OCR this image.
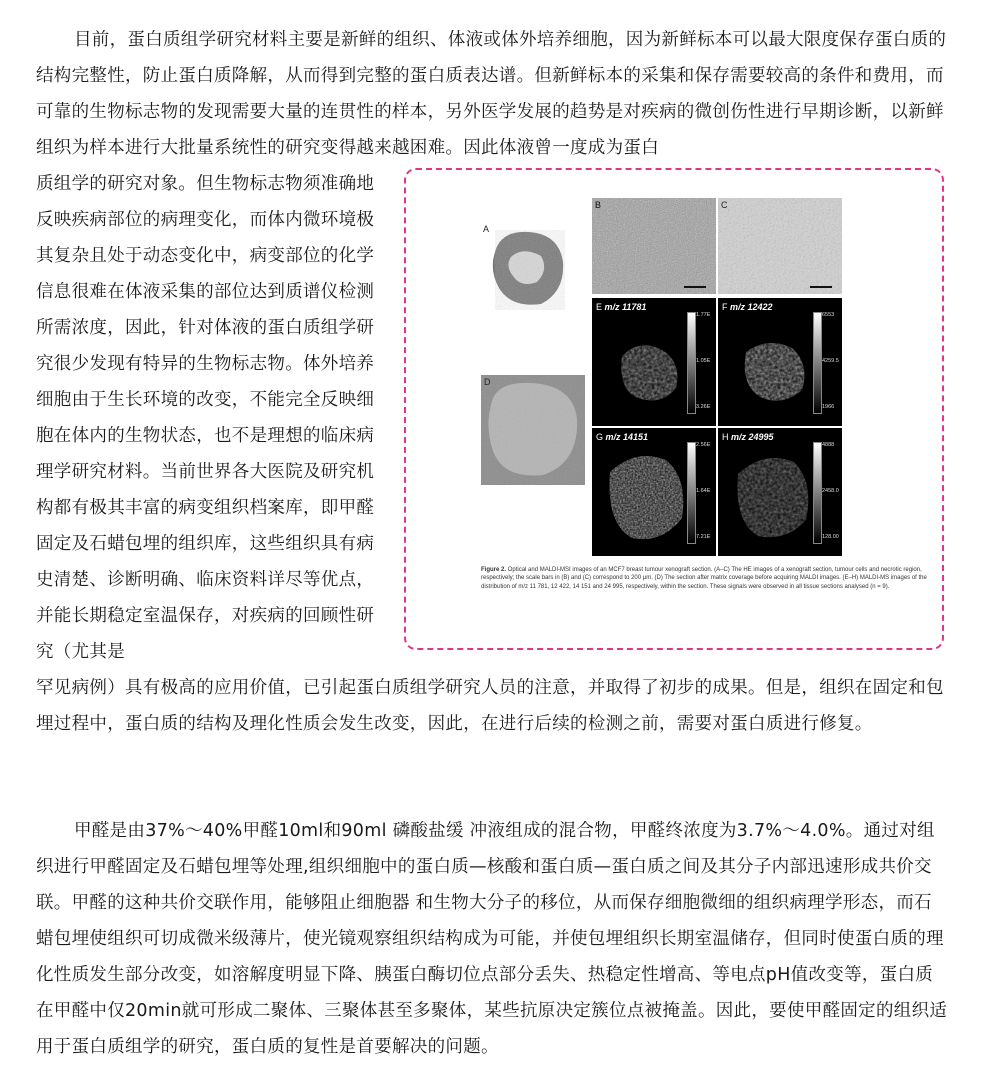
目前，蛋白质组学研究材料主要是新鲜的组织、体液或体外培养细胞，因为新鲜标本可以最大限度保存蛋白质的结构完整性，防止蛋白质降解，从而得到完整的蛋白质表达谱。但新鲜标本的采集和保存需要较高的条件和费用，而可靠的生物标志物的发现需要大量的连贯性的样本，另外医学发展的趋势是对疾病的微创伤性进行早期诊断，以新鲜组织为样本进行大批量系统性的研究变得越来越困难。因此体液曾一度成为蛋白

质组学的研究对象。但生物标志物须准确地反映疾病部位的病理变化，而体内微环境极其复杂且处于动态变化中，病变部位的化学信息很难在体液采集的部位达到质谱仪检测所需浓度，因此，针对体液的蛋白质组学研究很少发现有特异的生物标志物。体外培养细胞由于生长环境的改变，不能完全反映细胞在体内的生物状态，也不是理想的临床病理学研究材料。当前世界各大医院及研究机构都有极其丰富的病变组织档案库，即甲醛固定及石蜡包埋的组织库，这些组织具有病史清楚、诊断明确、临床资料详尽等优点，并能长期稳定室温保存，对疾病的回顾性研究（尤其是

A
B	C
D
E m/z 11781
1.77E
1.05E
3.26E
F m/z 12422
6553
4259.5
1966
G m/z 14151
2.56E
1.64E
7.21E
H m/z 24995
4888
2458.0
128.00
Figure 2. Optical and MALDI-MSI images of an MCF7 breast tumour xenograft section. (A–C) The HE images of a xenograft section, tumour cells and necrotic region, respectively; the scale bars in (B) and (C) correspond to 200 μm. (D) The section after matrix coverage before acquiring MALDI images. (E–H) MALDI-MS images of the distribution of m/z 11 781, 12 422, 14 151 and 24 995, respectively, within the section. These signals were observed in all tissue sections analysed (n = 9).

罕见病例）具有极高的应用价值，已引起蛋白质组学研究人员的注意，并取得了初步的成果。但是，组织在固定和包埋过程中，蛋白质的结构及理化性质会发生改变，因此，在进行后续的检测之前，需要对蛋白质进行修复。

甲醛是由37%～40%甲醛10ml和90ml 磷酸盐缓 冲液组成的混合物，甲醛终浓度为3.7%～4.0%。通过对组织进行甲醛固定及石蜡包埋等处理,组织细胞中的蛋白质—核酸和蛋白质—蛋白质之间及其分子内部迅速形成共价交联。甲醛的这种共价交联作用，能够阻止细胞器 和生物大分子的移位，从而保存细胞微细的组织病理学形态，而石蜡包埋使组织可切成微米级薄片，使光镜观察组织结构成为可能，并使包埋组织长期室温储存，但同时使蛋白质的理化性质发生部分改变，如溶解度明显下降、胰蛋白酶切位点部分丢失、热稳定性增高、等电点pH值改变等，蛋白质在甲醛中仅20min就可形成二聚体、三聚体甚至多聚体，某些抗原决定簇位点被掩盖。因此，要使甲醛固定的组织适用于蛋白质组学的研究，蛋白质的复性是首要解决的问题。
